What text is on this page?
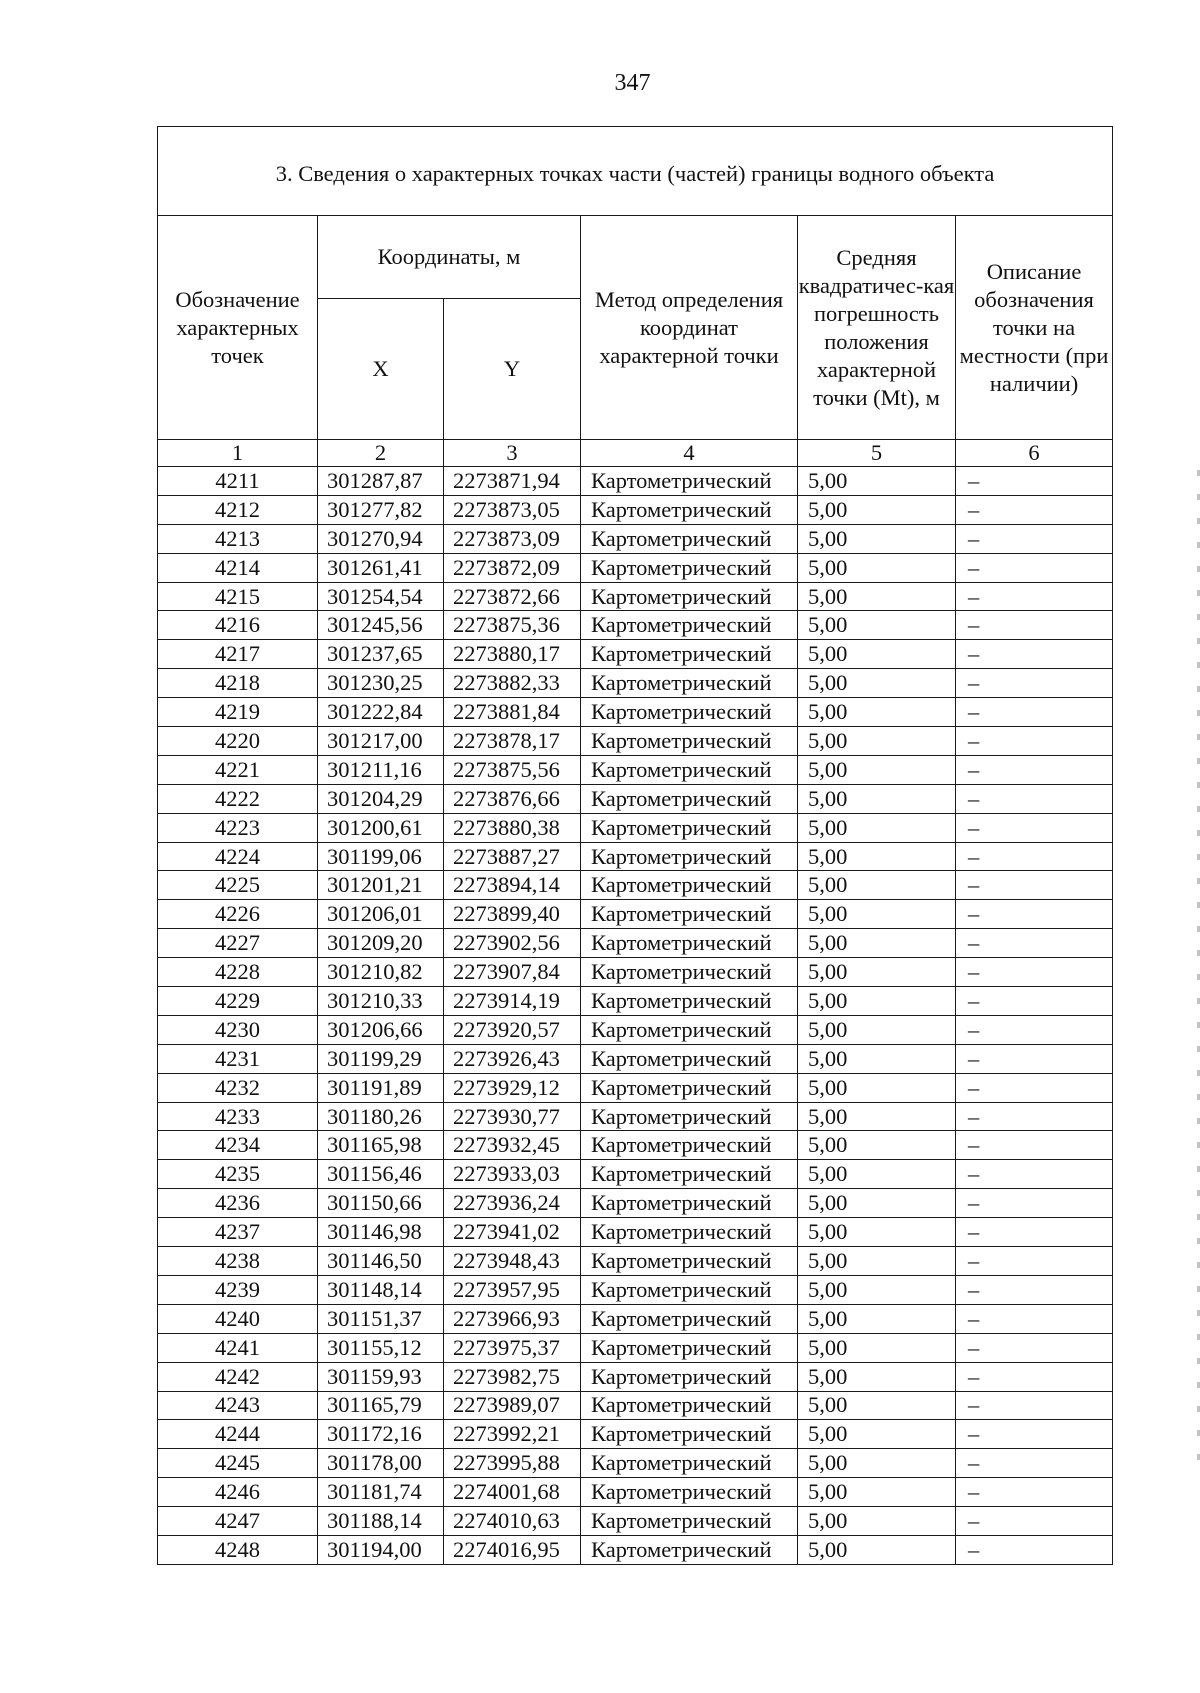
347
3. Сведения о характерных точках части (частей) границы водного объекта					
Обозначение характерных точек	Координаты, м		Метод определения координат характерной точки	Средняя квадратичес-кая погрешность положения характерной точки (Mt), м	Описание обозначения точки на местности (при наличии)
	X	Y			
1	2	3	4	5	6
4211	301287,87	2273871,94	Картометрический	5,00	–
4212	301277,82	2273873,05	Картометрический	5,00	–
4213	301270,94	2273873,09	Картометрический	5,00	–
4214	301261,41	2273872,09	Картометрический	5,00	–
4215	301254,54	2273872,66	Картометрический	5,00	–
4216	301245,56	2273875,36	Картометрический	5,00	–
4217	301237,65	2273880,17	Картометрический	5,00	–
4218	301230,25	2273882,33	Картометрический	5,00	–
4219	301222,84	2273881,84	Картометрический	5,00	–
4220	301217,00	2273878,17	Картометрический	5,00	–
4221	301211,16	2273875,56	Картометрический	5,00	–
4222	301204,29	2273876,66	Картометрический	5,00	–
4223	301200,61	2273880,38	Картометрический	5,00	–
4224	301199,06	2273887,27	Картометрический	5,00	–
4225	301201,21	2273894,14	Картометрический	5,00	–
4226	301206,01	2273899,40	Картометрический	5,00	–
4227	301209,20	2273902,56	Картометрический	5,00	–
4228	301210,82	2273907,84	Картометрический	5,00	–
4229	301210,33	2273914,19	Картометрический	5,00	–
4230	301206,66	2273920,57	Картометрический	5,00	–
4231	301199,29	2273926,43	Картометрический	5,00	–
4232	301191,89	2273929,12	Картометрический	5,00	–
4233	301180,26	2273930,77	Картометрический	5,00	–
4234	301165,98	2273932,45	Картометрический	5,00	–
4235	301156,46	2273933,03	Картометрический	5,00	–
4236	301150,66	2273936,24	Картометрический	5,00	–
4237	301146,98	2273941,02	Картометрический	5,00	–
4238	301146,50	2273948,43	Картометрический	5,00	–
4239	301148,14	2273957,95	Картометрический	5,00	–
4240	301151,37	2273966,93	Картометрический	5,00	–
4241	301155,12	2273975,37	Картометрический	5,00	–
4242	301159,93	2273982,75	Картометрический	5,00	–
4243	301165,79	2273989,07	Картометрический	5,00	–
4244	301172,16	2273992,21	Картометрический	5,00	–
4245	301178,00	2273995,88	Картометрический	5,00	–
4246	301181,74	2274001,68	Картометрический	5,00	–
4247	301188,14	2274010,63	Картометрический	5,00	–
4248	301194,00	2274016,95	Картометрический	5,00	–
